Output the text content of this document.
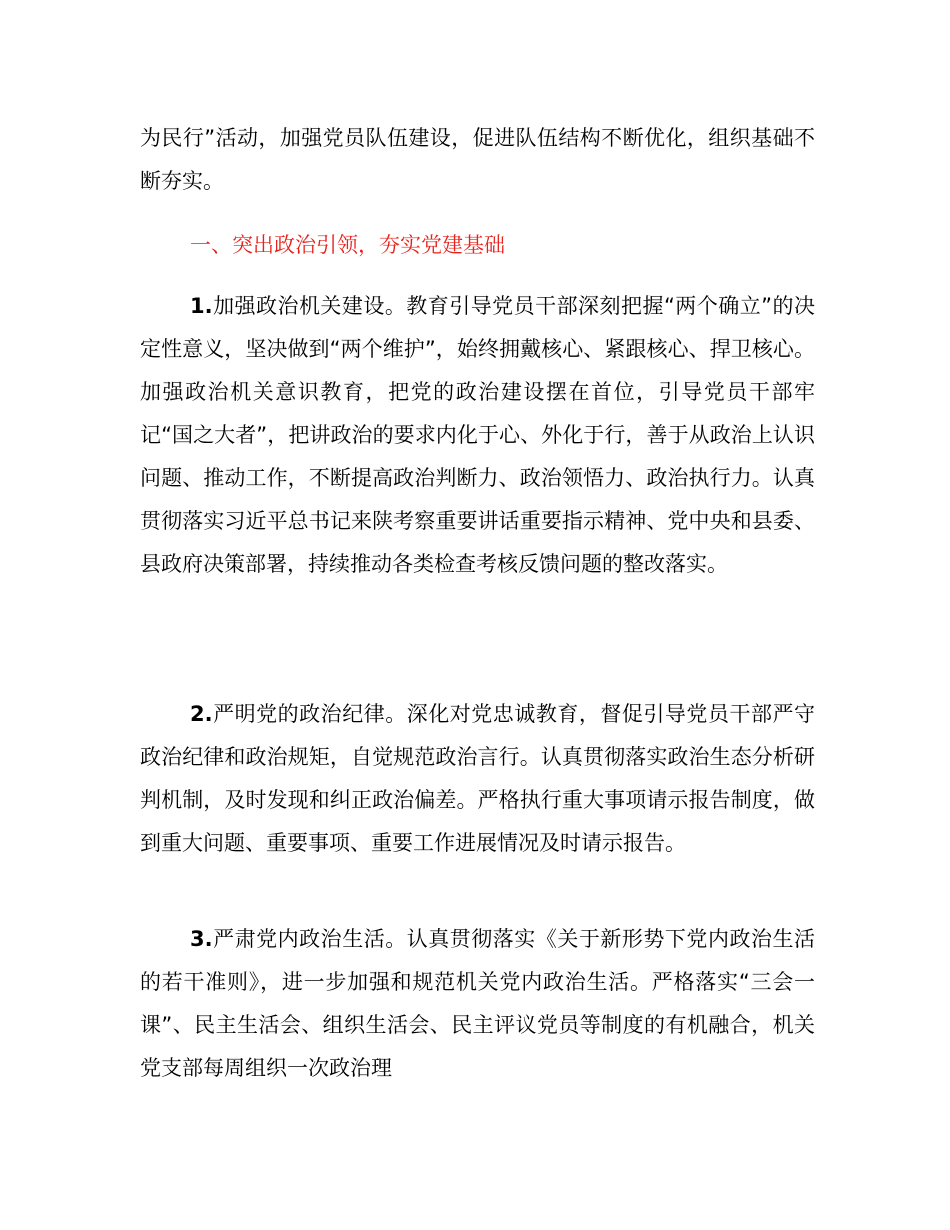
为民行”活动，加强党员队伍建设，促进队伍结构不断优化，组织基础不断夯实。

一、突出政治引领，夯实党建基础

1.加强政治机关建设。教育引导党员干部深刻把握“两个确立”的决定性意义，坚决做到“两个维护”，始终拥戴核心、紧跟核心、捍卫核心。加强政治机关意识教育，把党的政治建设摆在首位，引导党员干部牢记“国之大者”，把讲政治的要求内化于心、外化于行，善于从政治上认识问题、推动工作，不断提高政治判断力、政治领悟力、政治执行力。认真贯彻落实习近平总书记来陕考察重要讲话重要指示精神、党中央和县委、县政府决策部署，持续推动各类检查考核反馈问题的整改落实。

2.严明党的政治纪律。深化对党忠诚教育，督促引导党员干部严守政治纪律和政治规矩，自觉规范政治言行。认真贯彻落实政治生态分析研判机制，及时发现和纠正政治偏差。严格执行重大事项请示报告制度，做到重大问题、重要事项、重要工作进展情况及时请示报告。

3.严肃党内政治生活。认真贯彻落实《关于新形势下党内政治生活的若干准则》，进一步加强和规范机关党内政治生活。严格落实“三会一课”、民主生活会、组织生活会、民主评议党员等制度的有机融合，机关党支部每周组织一次政治理
